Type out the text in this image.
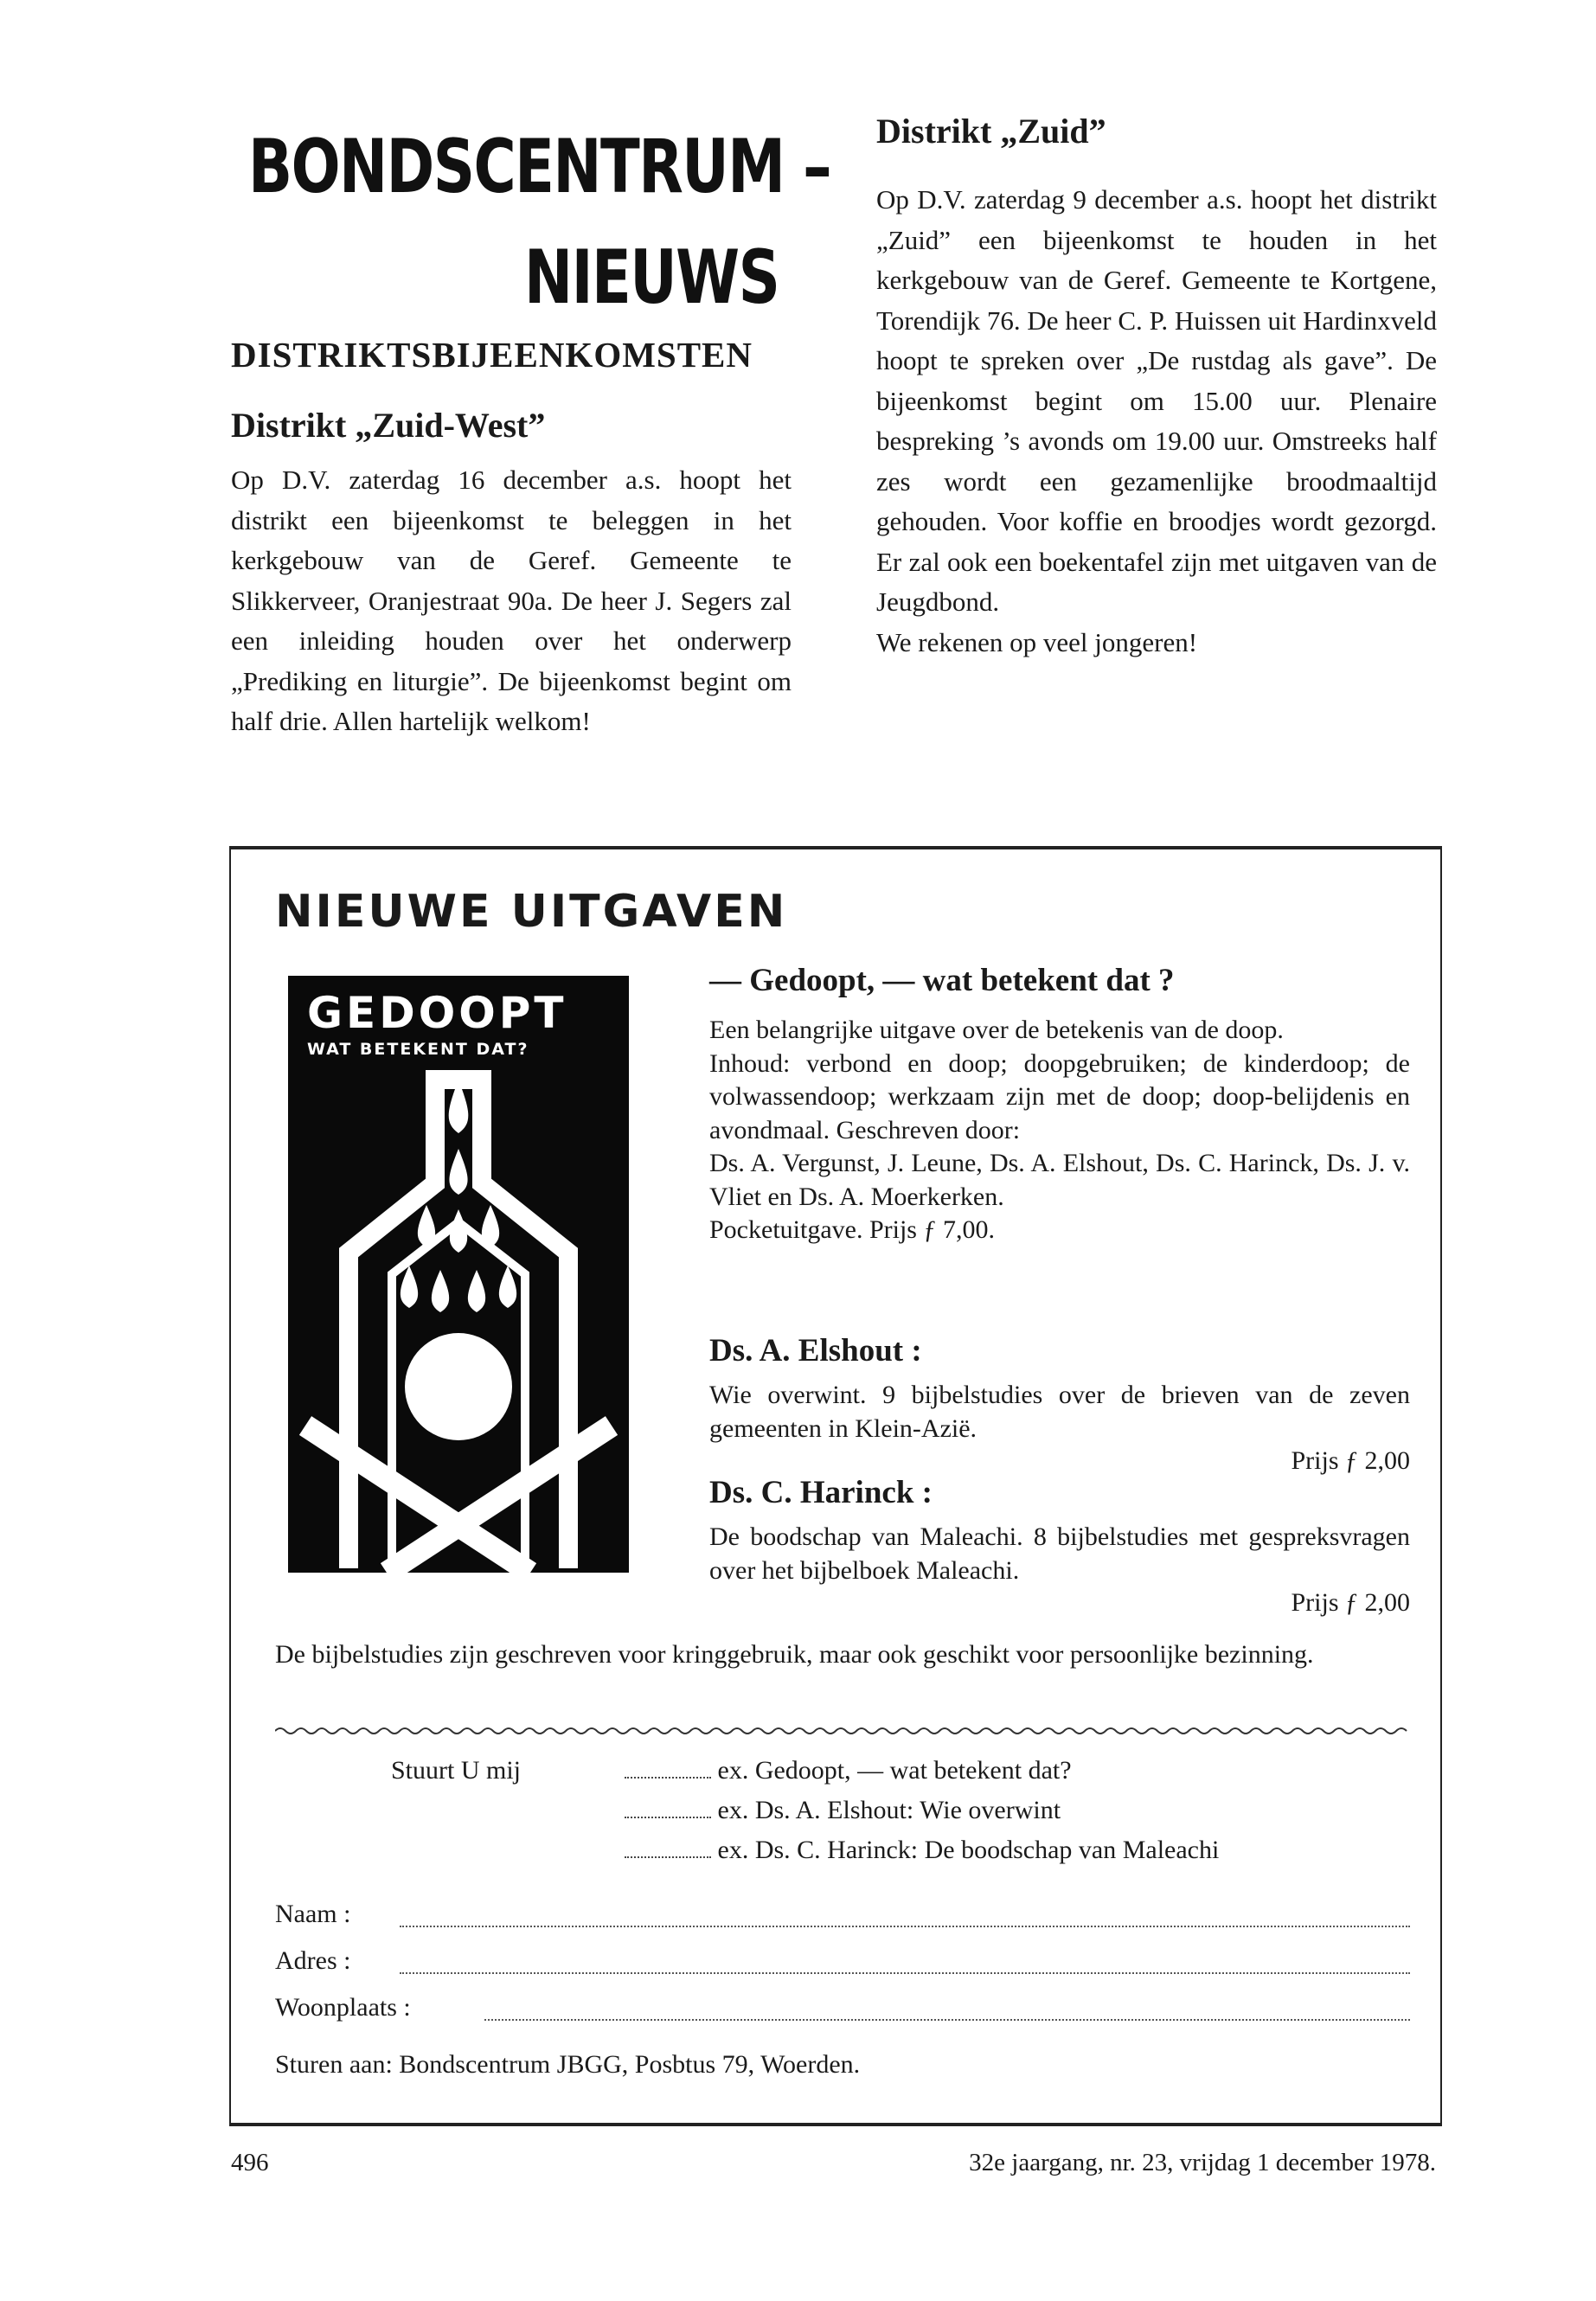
BONDSCENTRUM –
NIEUWS
DISTRIKTSBIJEENKOMSTEN
Distrikt „Zuid-West”

Op D.V. zaterdag 16 december a.s. hoopt het distrikt een bijeenkomst te beleggen in het kerkgebouw van de Geref. Gemeente te Slikkerveer, Oranjestraat 90a. De heer J. Segers zal een inleiding houden over het onderwerp „Prediking en liturgie”. De bijeenkomst begint om half drie. Allen hartelijk welkom!

Distrikt „Zuid”

Op D.V. zaterdag 9 december a.s. hoopt het distrikt „Zuid” een bijeenkomst te houden in het kerkgebouw van de Geref. Gemeente te Kortgene, Torendijk 76. De heer C. P. Huissen uit Hardinxveld hoopt te spreken over „De rustdag als gave”. De bijeenkomst begint om 15.00 uur. Plenaire bespreking ’s avonds om 19.00 uur. Omstreeks half zes wordt een gezamenlijke broodmaaltijd gehouden. Voor koffie en broodjes wordt gezorgd. Er zal ook een boekentafel zijn met uitgaven van de Jeugdbond.

We rekenen op veel jongeren!

NIEUWE UITGAVEN
GEDOOPT
WAT BETEKENT DAT?
— Gedoopt, — wat betekent dat ?

Een belangrijke uitgave over de betekenis van de doop.

Inhoud: verbond en doop; doopgebruiken; de kinderdoop; de volwassendoop; werkzaam zijn met de doop; doop-belijdenis en avondmaal. Geschreven door:

Ds. A. Vergunst, J. Leune, Ds. A. Elshout, Ds. C. Harinck, Ds. J. v. Vliet en Ds. A. Moerkerken.

Pocketuitgave. Prijs ƒ 7,00.

Ds. A. Elshout :

Wie overwint. 9 bijbelstudies over de brieven van de zeven gemeenten in Klein-Azië.

Prijs ƒ 2,00
Ds. C. Harinck :

De boodschap van Maleachi. 8 bijbelstudies met gespreksvragen over het bijbelboek Maleachi.

Prijs ƒ 2,00
De bijbelstudies zijn geschreven voor kringgebruik, maar ook geschikt voor persoonlijke bezinning.
Stuurt U mij	ex. Gedoopt, — wat betekent dat?
ex. Ds. A. Elshout: Wie overwint
ex. Ds. C. Harinck: De boodschap van Maleachi
Naam :
Adres :
Woonplaats :
Sturen aan: Bondscentrum JBGG, Posbtus 79, Woerden.
496	32e jaargang, nr. 23, vrijdag 1 december 1978.
